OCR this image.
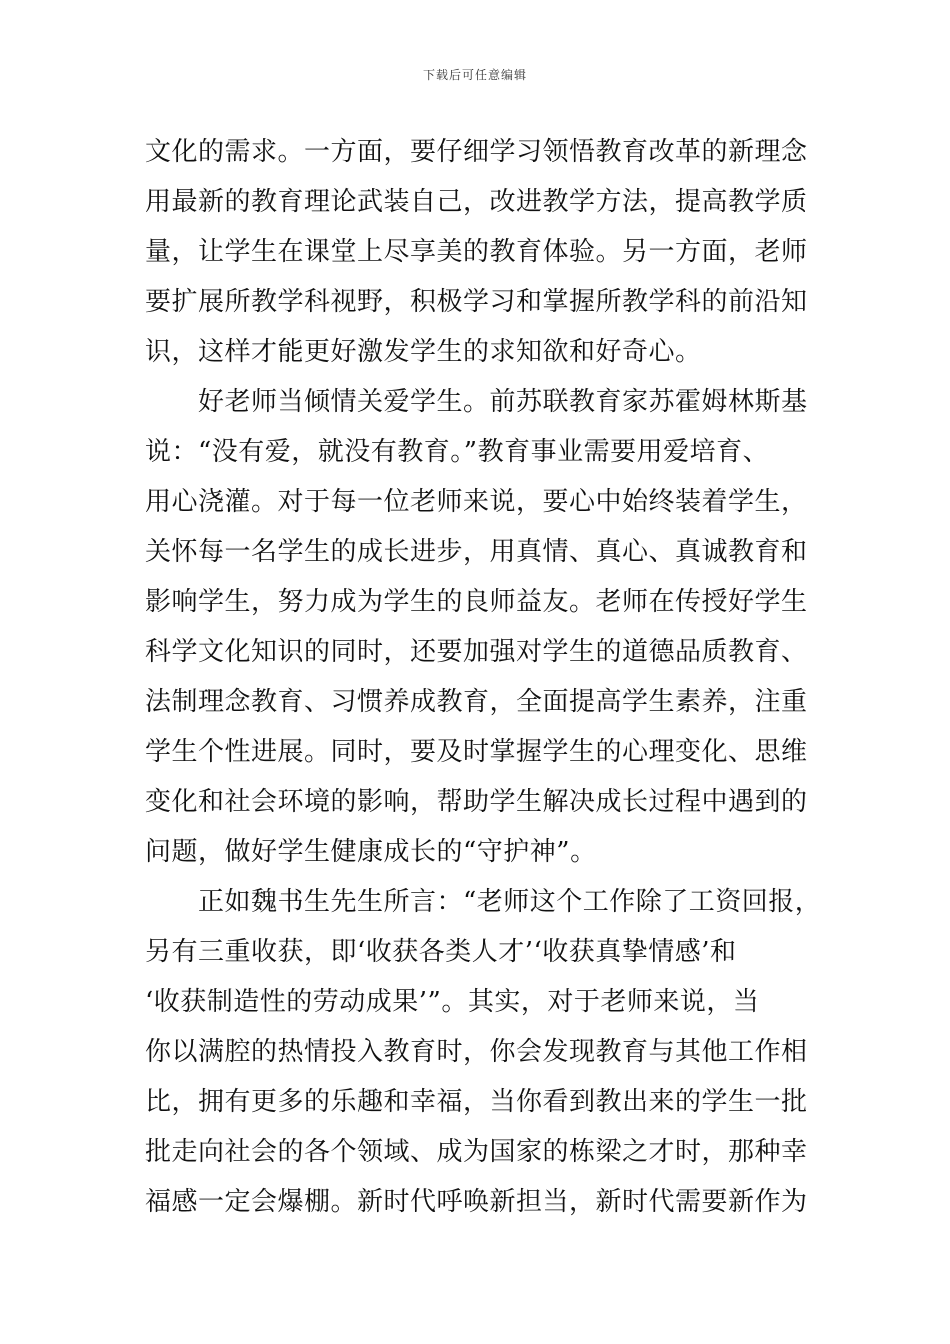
下载后可任意编辑
文化的需求。一方面，要仔细学习领悟教育改革的新理念
用最新的教育理论武装自己，改进教学方法，提高教学质
量，让学生在课堂上尽享美的教育体验。另一方面，老师
要扩展所教学科视野，积极学习和掌握所教学科的前沿知
识，这样才能更好激发学生的求知欲和好奇心。
　　好老师当倾情关爱学生。前苏联教育家苏霍姆林斯基
说：“没有爱，就没有教育。”教育事业需要用爱培育、
用心浇灌。对于每一位老师来说，要心中始终装着学生，
关怀每一名学生的成长进步，用真情、真心、真诚教育和
影响学生，努力成为学生的良师益友。老师在传授好学生
科学文化知识的同时，还要加强对学生的道德品质教育、
法制理念教育、习惯养成教育，全面提高学生素养，注重
学生个性进展。同时，要及时掌握学生的心理变化、思维
变化和社会环境的影响，帮助学生解决成长过程中遇到的
问题，做好学生健康成长的“守护神”。
　　正如魏书生先生所言：“老师这个工作除了工资回报，
另有三重收获，即‘收获各类人才’‘收获真挚情感’和
‘收获制造性的劳动成果’”。其实，对于老师来说，当
你以满腔的热情投入教育时，你会发现教育与其他工作相
比，拥有更多的乐趣和幸福，当你看到教出来的学生一批
批走向社会的各个领域、成为国家的栋梁之才时，那种幸
福感一定会爆棚。新时代呼唤新担当，新时代需要新作为
